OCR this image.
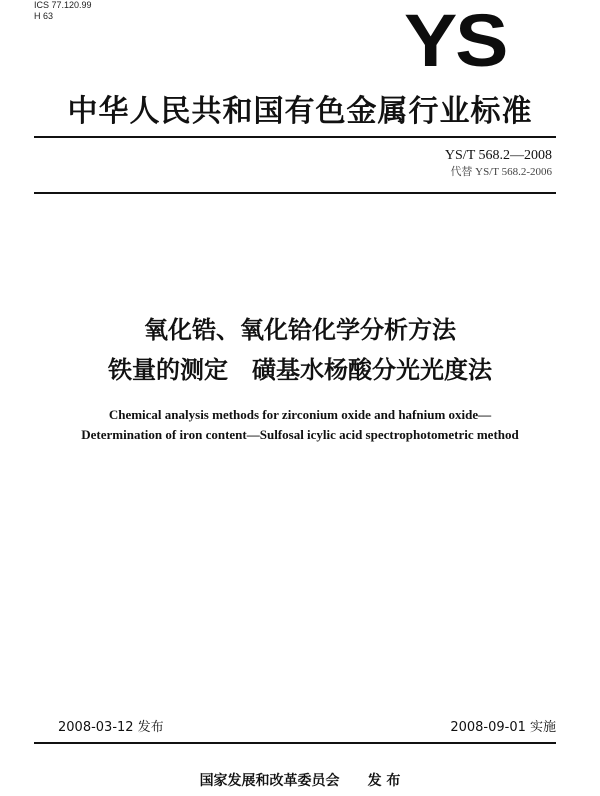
ICS 77.120.99
H 63	YS
中华人民共和国有色金属行业标准
YS/T 568.2—2008
代替 YS/T 568.2-2006
氧化锆、氧化铪化学分析方法
铁量的测定　磺基水杨酸分光光度法
Chemical analysis methods for zirconium oxide and hafnium oxide—
Determination of iron content—Sulfosal icylic acid spectrophotometric method
2008-03-12 发布	2008-09-01 实施
国家发展和改革委员会 发 布
